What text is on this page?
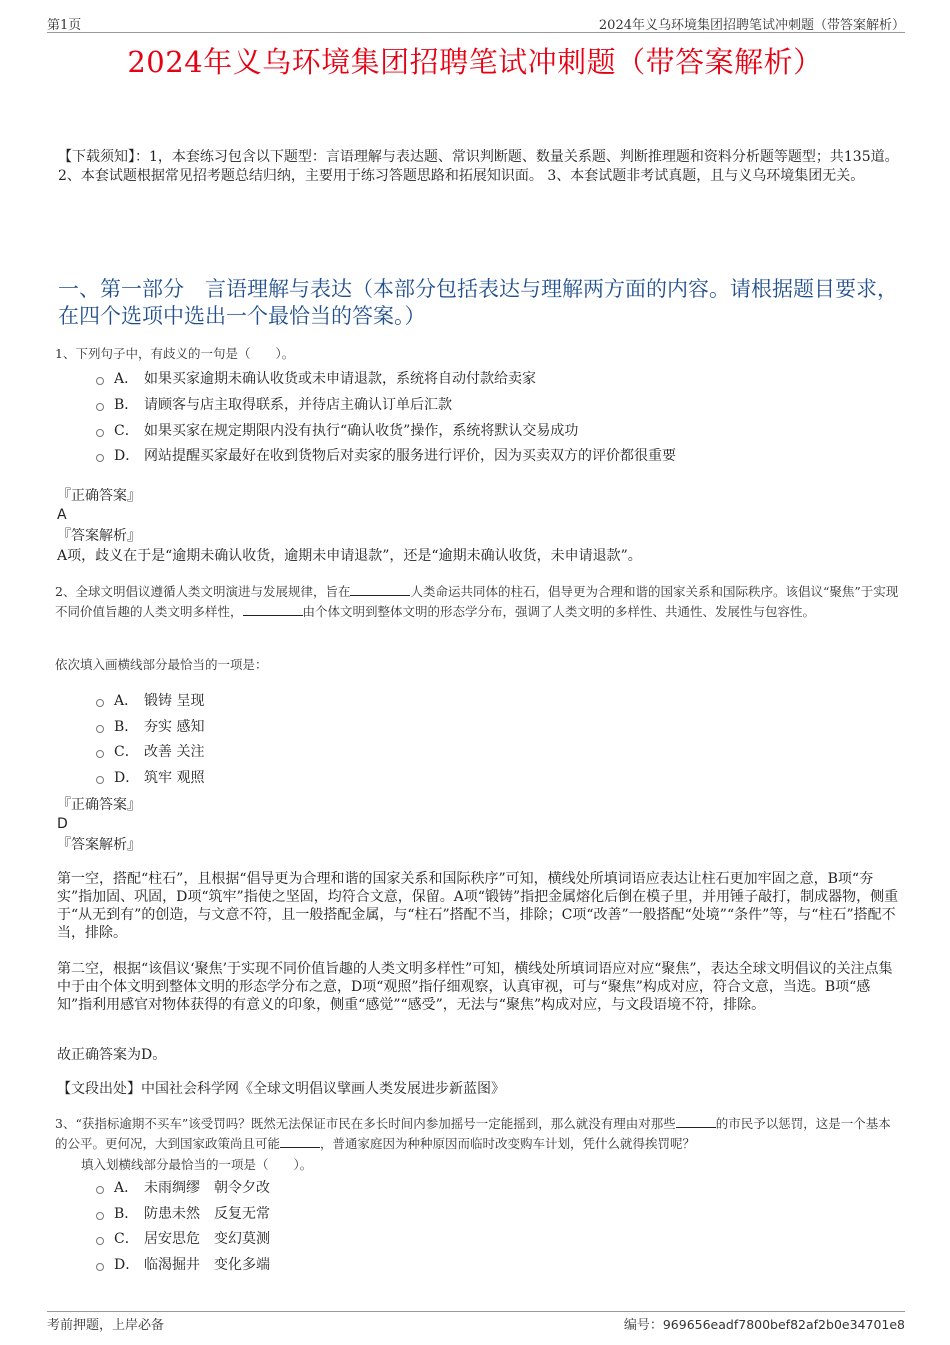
第1页	2024年义乌环境集团招聘笔试冲刺题（带答案解析）
2024年义乌环境集团招聘笔试冲刺题（带答案解析）
【下载须知】：1，本套练习包含以下题型：言语理解与表达题、常识判断题、数量关系题、判断推理题和资料分析题等题型；共135道。 2、本套试题根据常见招考题总结归纳，主要用于练习答题思路和拓展知识面。 3、本套试题非考试真题，且与义乌环境集团无关。
一、第一部分　言语理解与表达（本部分包括表达与理解两方面的内容。请根据题目要求，在四个选项中选出一个最恰当的答案。）
1、下列句子中，有歧义的一句是（　　）。
A． 如果买家逾期未确认收货或未申请退款，系统将自动付款给卖家
B． 请顾客与店主取得联系，并待店主确认订单后汇款
C． 如果买家在规定期限内没有执行“确认收货”操作，系统将默认交易成功
D． 网站提醒买家最好在收到货物后对卖家的服务进行评价，因为买卖双方的评价都很重要
『正确答案』
A
『答案解析』
A项，歧义在于是“逾期未确认收货，逾期未申请退款”，还是“逾期未确认收货，未申请退款”。
2、全球文明倡议遵循人类文明演进与发展规律，旨在	人类命运共同体的柱石，倡导更为合理和谐的国家关系和国际秩序。该倡议“聚焦”于实现不同价值旨趣的人类文明多样性，	由个体文明到整体文明的形态学分布，强调了人类文明的多样性、共通性、发展性与包容性。
依次填入画横线部分最恰当的一项是：
A． 锻铸 呈现
B． 夯实 感知
C． 改善 关注
D． 筑牢 观照
『正确答案』
D
『答案解析』
第一空，搭配“柱石”，且根据“倡导更为合理和谐的国家关系和国际秩序”可知，横线处所填词语应表达让柱石更加牢固之意，B项“夯实”指加固、巩固，D项“筑牢”指使之坚固，均符合文意，保留。A项“锻铸”指把金属熔化后倒在模子里，并用锤子敲打，制成器物，侧重于“从无到有”的创造，与文意不符，且一般搭配金属，与“柱石”搭配不当，排除；C项“改善”一般搭配“处境”“条件”等，与“柱石”搭配不当，排除。
第二空，根据“该倡议‘聚焦’于实现不同价值旨趣的人类文明多样性”可知，横线处所填词语应对应“聚焦”，表达全球文明倡议的关注点集中于由个体文明到整体文明的形态学分布之意，D项“观照”指仔细观察，认真审视，可与“聚焦”构成对应，符合文意，当选。B项“感知”指利用感官对物体获得的有意义的印象，侧重“感觉”“感受”，无法与“聚焦”构成对应，与文段语境不符，排除。
故正确答案为D。
【文段出处】中国社会科学网《全球文明倡议擘画人类发展进步新蓝图》
3、“获指标逾期不买车”该受罚吗？既然无法保证市民在多长时间内参加摇号一定能摇到，那么就没有理由对那些	的市民予以惩罚，这是一个基本的公平。更何况，大到国家政策尚且可能	，普通家庭因为种种原因而临时改变购车计划，凭什么就得挨罚呢？
填入划横线部分最恰当的一项是（　　）。
A． 未雨绸缪　朝令夕改
B． 防患未然　反复无常
C． 居安思危　变幻莫测
D． 临渴掘井　变化多端
考前押题，上岸必备	编号：969656eadf7800bef82af2b0e34701e8
